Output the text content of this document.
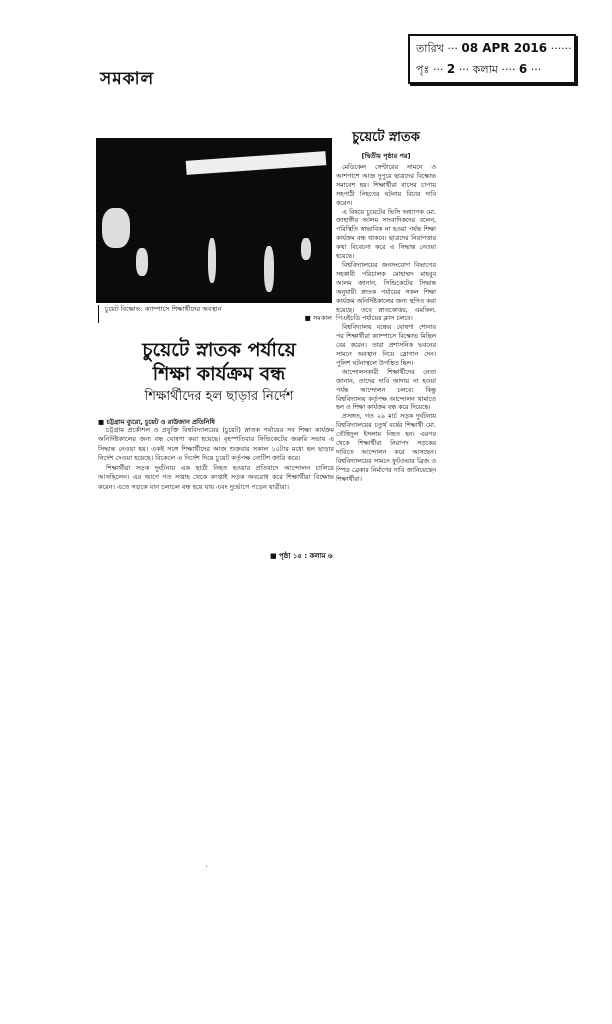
তারিখ ··· 08 APR 2016 ······
পৃঃ ··· 2 ··· কলাম ···· 6 ···
সমকাল
চুয়েট বিক্ষোভ: ক্যাম্পাসে শিক্ষার্থীদের অবস্থান
■ সমকাল
চুয়েটে স্নাতক পর্যায়ে
শিক্ষা কার্যক্রম বন্ধ
শিক্ষার্থীদের হল ছাড়ার নির্দেশ
■ চট্টগ্রাম ব্যুরো, চুয়েট ও রাউজান প্রতিনিধি

চট্টগ্রাম প্রকৌশল ও প্রযুক্তি বিশ্ববিদ্যালয়ের (চুয়েট) স্নাতক পর্যায়ের সব শিক্ষা কার্যক্রম অনির্দিষ্টকালের জন্য বন্ধ ঘোষণা করা হয়েছে। বৃহস্পতিবার সিন্ডিকেটের জরুরি সভায় এ সিদ্ধান্ত নেওয়া হয়। একই সঙ্গে শিক্ষার্থীদের আজ শুক্রবার সকাল ১০টার মধ্যে হল ছাড়ার নির্দেশ দেওয়া হয়েছে। বিকেলে এ নির্দেশ দিয়ে চুয়েট কর্তৃপক্ষ নোটিশ জারি করে।

শিক্ষার্থীরা সড়ক দুর্ঘটনায় এক ছাত্রী নিহত হওয়ার প্রতিবাদে আন্দোলন চালিয়ে আসছিলেন। এর আগে গত সপ্তাহ থেকে কাপ্তাই সড়ক অবরোধ করে শিক্ষার্থীরা বিক্ষোভ করেন। এতে সড়কে যান চলাচল বন্ধ হয়ে যায় এবং দুর্ভোগে পড়েন যাত্রীরা।

■ পৃষ্ঠা ১৫ : কলাম ৬
চুয়েটে স্নাতক
[দ্বিতীয় পৃষ্ঠার পর]

মেডিকেল সেন্টারের সামনে ও আশপাশে আজ দুপুরে ছাত্রদের বিক্ষোভ সমাবেশ হয়। শিক্ষার্থীরা বাসের চাপায় সহপাঠী নিহতের ঘটনায় বিচার দাবি করেন।

এ বিষয়ে চুয়েটের ভিসি অধ্যাপক মো. জাহাঙ্গীর আলম সাংবাদিকদের বলেন, পরিস্থিতি স্বাভাবিক না হওয়া পর্যন্ত শিক্ষা কার্যক্রম বন্ধ থাকবে। ছাত্রদের নিরাপত্তার কথা বিবেচনা করে এ সিদ্ধান্ত নেওয়া হয়েছে।

বিশ্ববিদ্যালয়ের জনসংযোগ বিভাগের সহকারী পরিচালক মোহাম্মদ মাহবুব আলম জানান, সিন্ডিকেটের সিদ্ধান্ত অনুযায়ী স্নাতক পর্যায়ের সকল শিক্ষা কার্যক্রম অনির্দিষ্টকালের জন্য স্থগিত করা হয়েছে। তবে স্নাতকোত্তর, এমফিল, পিএইচডি পর্যায়ের ক্লাস চলবে।

বিশ্ববিদ্যালয় বন্ধের ঘোষণা শোনার পর শিক্ষার্থীরা ক্যাম্পাসে বিক্ষোভ মিছিল বের করেন। তারা প্রশাসনিক ভবনের সামনে অবস্থান নিয়ে স্লোগান দেন। পুলিশ ঘটনাস্থলে উপস্থিত ছিল।

আন্দোলনকারী শিক্ষার্থীদের নেতা জানান, তাদের দাবি আদায় না হওয়া পর্যন্ত আন্দোলন চলবে। কিন্তু বিশ্ববিদ্যালয় কর্তৃপক্ষ আন্দোলন থামাতে হল ও শিক্ষা কার্যক্রম বন্ধ করে দিয়েছে।

প্রসঙ্গত, গত ২৯ মার্চ সড়ক দুর্ঘটনায় বিশ্ববিদ্যালয়ের চতুর্থ বর্ষের শিক্ষার্থী মো. তৌহিদুল ইসলাম নিহত হন। এরপর থেকে শিক্ষার্থীরা নিরাপদ সড়কের দাবিতে আন্দোলন করে আসছেন। বিশ্ববিদ্যালয়ের সামনে ফুটওভার ব্রিজ ও স্পিড ব্রেকার নির্মাণের দাবি জানিয়েছেন শিক্ষার্থীরা।

'
